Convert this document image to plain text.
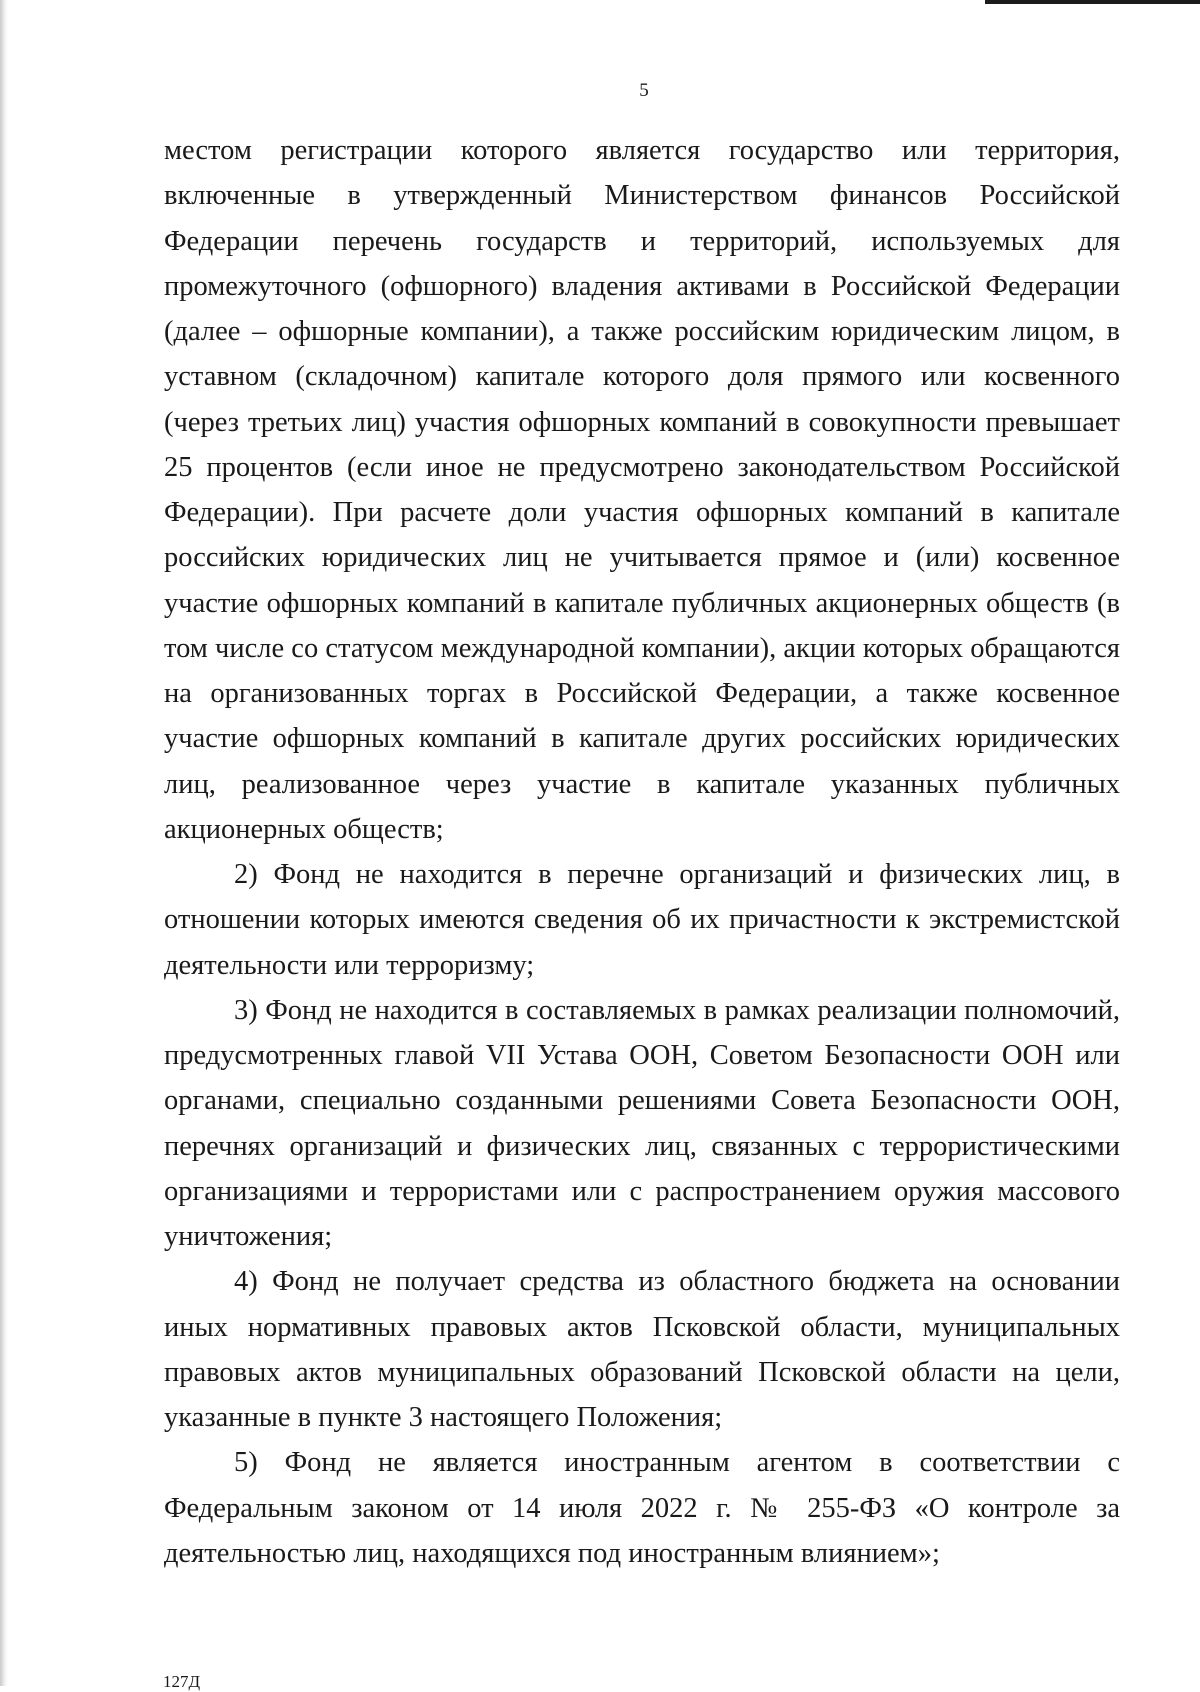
5

местом регистрации которого является государство или территория, включенные в утвержденный Министерством финансов Российской Федерации перечень государств и территорий, используемых для промежуточного (офшорного) владения активами в Российской Федерации (далее – офшорные компании), а также российским юридическим лицом, в уставном (складочном) капитале которого доля прямого или косвенного (через третьих лиц) участия офшорных компаний в совокупности превышает 25 процентов (если иное не предусмотрено законодательством Российской Федерации). При расчете доли участия офшорных компаний в капитале российских юридических лиц не учитывается прямое и (или) косвенное участие офшорных компаний в капитале публичных акционерных обществ (в том числе со статусом международной компании), акции которых обращаются на организованных торгах в Российской Федерации, а также косвенное участие офшорных компаний в капитале других российских юридических лиц, реализованное через участие в капитале указанных публичных акционерных обществ;

2) Фонд не находится в перечне организаций и физических лиц, в отношении которых имеются сведения об их причастности к экстремистской деятельности или терроризму;

3) Фонд не находится в составляемых в рамках реализации полномочий, предусмотренных главой VII Устава ООН, Советом Безопасности ООН или органами, специально созданными решениями Совета Безопасности ООН, перечнях организаций и физических лиц, связанных с террористическими организациями и террористами или с распространением оружия массового уничтожения;

4) Фонд не получает средства из областного бюджета на основании иных нормативных правовых актов Псковской области, муниципальных правовых актов муниципальных образований Псковской области на цели, указанные в пункте 3 настоящего Положения;

5) Фонд не является иностранным агентом в соответствии с Федеральным законом от 14 июля 2022 г. № 255-ФЗ «О контроле за деятельностью лиц, находящихся под иностранным влиянием»;

127Д
